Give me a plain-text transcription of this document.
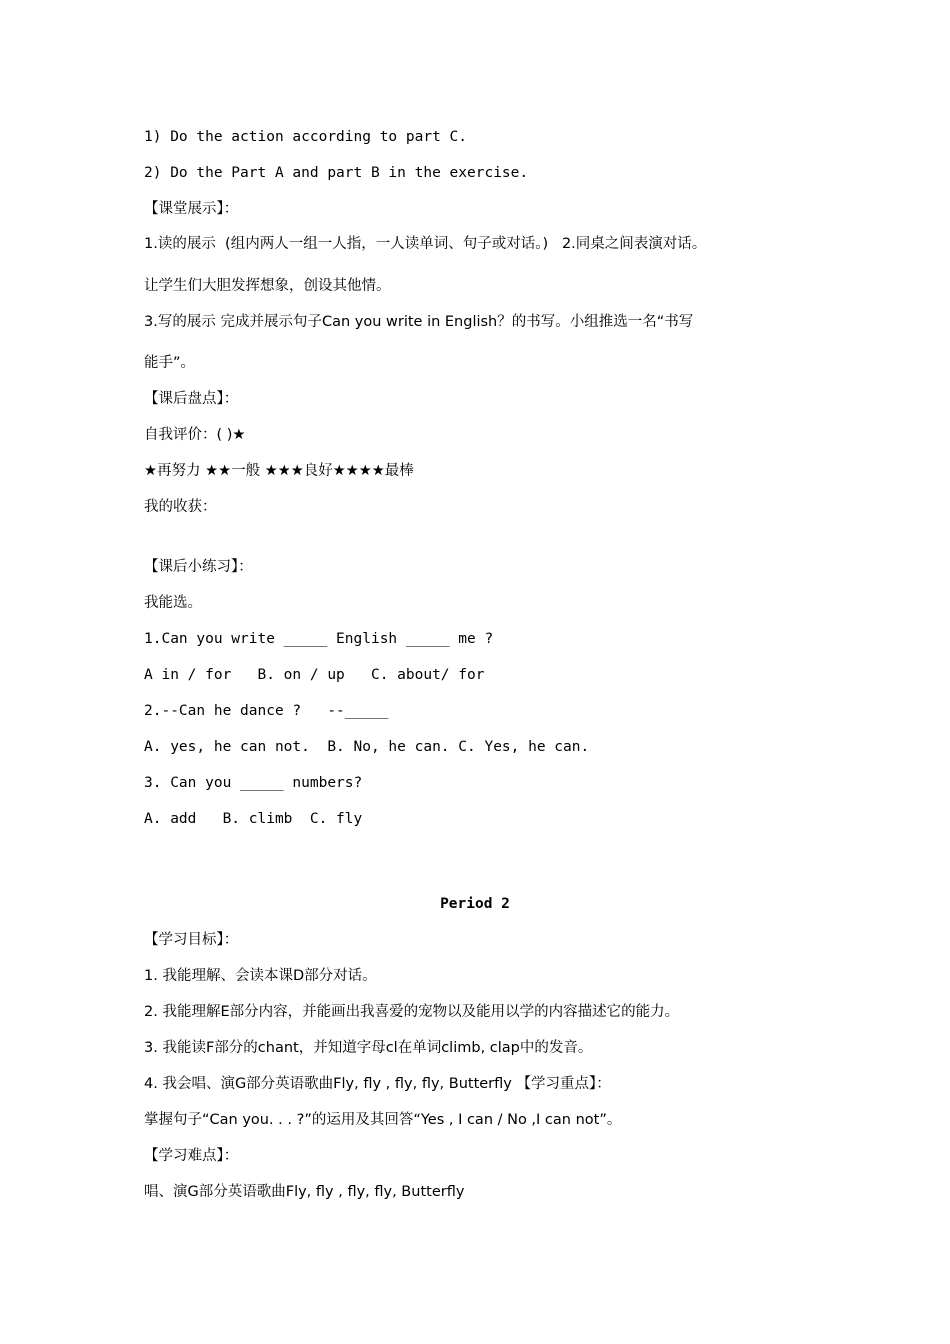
1) Do the action according to part C.
2) Do the Part A and part B in the exercise.
【课堂展示】：
1.读的展示  (组内两人一组一人指，一人读单词、句子或对话。)   2.同桌之间表演对话。
让学生们大胆发挥想象，创设其他情。
3.写的展示 完成并展示句子Can you write in English？的书写。小组推选一名“书写
能手”。
【课后盘点】：
自我评价：( )★
★再努力 ★★一般 ★★★良好★★★★最棒
我的收获：
【课后小练习】：
我能选。
1.Can you write _____ English _____ me ?
A in / for   B. on / up   C. about/ for
2.--Can he dance ?   --_____
A. yes, he can not.  B. No, he can. C. Yes, he can.
3. Can you _____ numbers?
A. add   B. climb  C. fly
Period 2
【学习目标】：
1. 我能理解、会读本课D部分对话。
2. 我能理解E部分内容，并能画出我喜爱的宠物以及能用以学的内容描述它的能力。
3. 我能读F部分的chant，并知道字母cl在单词climb, clap中的发音。
4. 我会唱、演G部分英语歌曲Fly, fly , fly, fly, Butterfly 【学习重点】：
掌握句子“Can you. . . ?”的运用及其回答“Yes , I can / No ,I can not”。
【学习难点】：
唱、演G部分英语歌曲Fly, fly , fly, fly, Butterfly
